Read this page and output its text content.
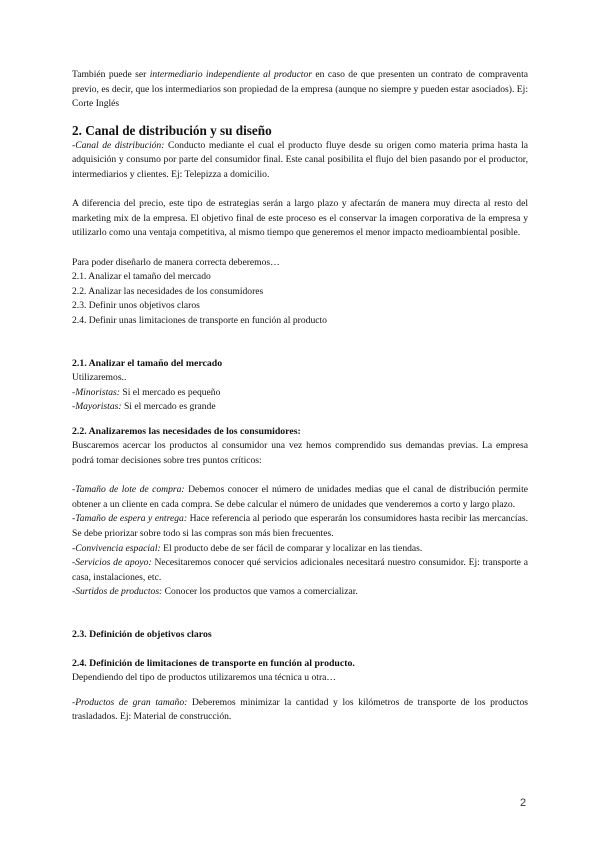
También puede ser intermediario independiente al productor en caso de que presenten un contrato de compraventa previo, es decir, que los intermediarios son propiedad de la empresa (aunque no siempre y pueden estar asociados). Ej: Corte Inglés

2. Canal de distribución y su diseño

-Canal de distribución: Conducto mediante el cual el producto fluye desde su origen como materia prima hasta la adquisición y consumo por parte del consumidor final. Este canal posibilita el flujo del bien pasando por el productor, intermediarios y clientes. Ej: Telepizza a domicilio.

A diferencia del precio, este tipo de estrategias serán a largo plazo y afectarán de manera muy directa al resto del marketing mix de la empresa. El objetivo final de este proceso es el conservar la imagen corporativa de la empresa y utilizarlo como una ventaja competitiva, al mismo tiempo que generemos el menor impacto medioambiental posible.

Para poder diseñarlo de manera correcta deberemos…

2.1. Analizar el tamaño del mercado
2.2. Analizar las necesidades de los consumidores
2.3. Definir unos objetivos claros
2.4. Definir unas limitaciones de transporte en función al producto
2.1. Analizar el tamaño del mercado
Utilizaremos..
-Minoristas: Si el mercado es pequeño
-Mayoristas: Si el mercado es grande
2.2. Analizaremos las necesidades de los consumidores:

Buscaremos acercar los productos al consumidor una vez hemos comprendido sus demandas previas. La empresa podrá tomar decisiones sobre tres puntos críticos:

-Tamaño de lote de compra: Debemos conocer el número de unidades medias que el canal de distribución permite obtener a un cliente en cada compra. Se debe calcular el número de unidades que venderemos a corto y largo plazo.

-Tamaño de espera y entrega: Hace referencia al periodo que esperarán los consumidores hasta recibir las mercancías. Se debe priorizar sobre todo si las compras son más bien frecuentes.

-Convivencia espacial: El producto debe de ser fácil de comparar y localizar en las tiendas.

-Servicios de apoyo: Necesitaremos conocer qué servicios adicionales necesitará nuestro consumidor. Ej: transporte a casa, instalaciones, etc.

-Surtidos de productos: Conocer los productos que vamos a comercializar.

2.3. Definición de objetivos claros
2.4. Definición de limitaciones de transporte en función al producto.
Dependiendo del tipo de productos utilizaremos una técnica u otra…

-Productos de gran tamaño: Deberemos minimizar la cantidad y los kilómetros de transporte de los productos trasladados. Ej: Material de construcción.

2
